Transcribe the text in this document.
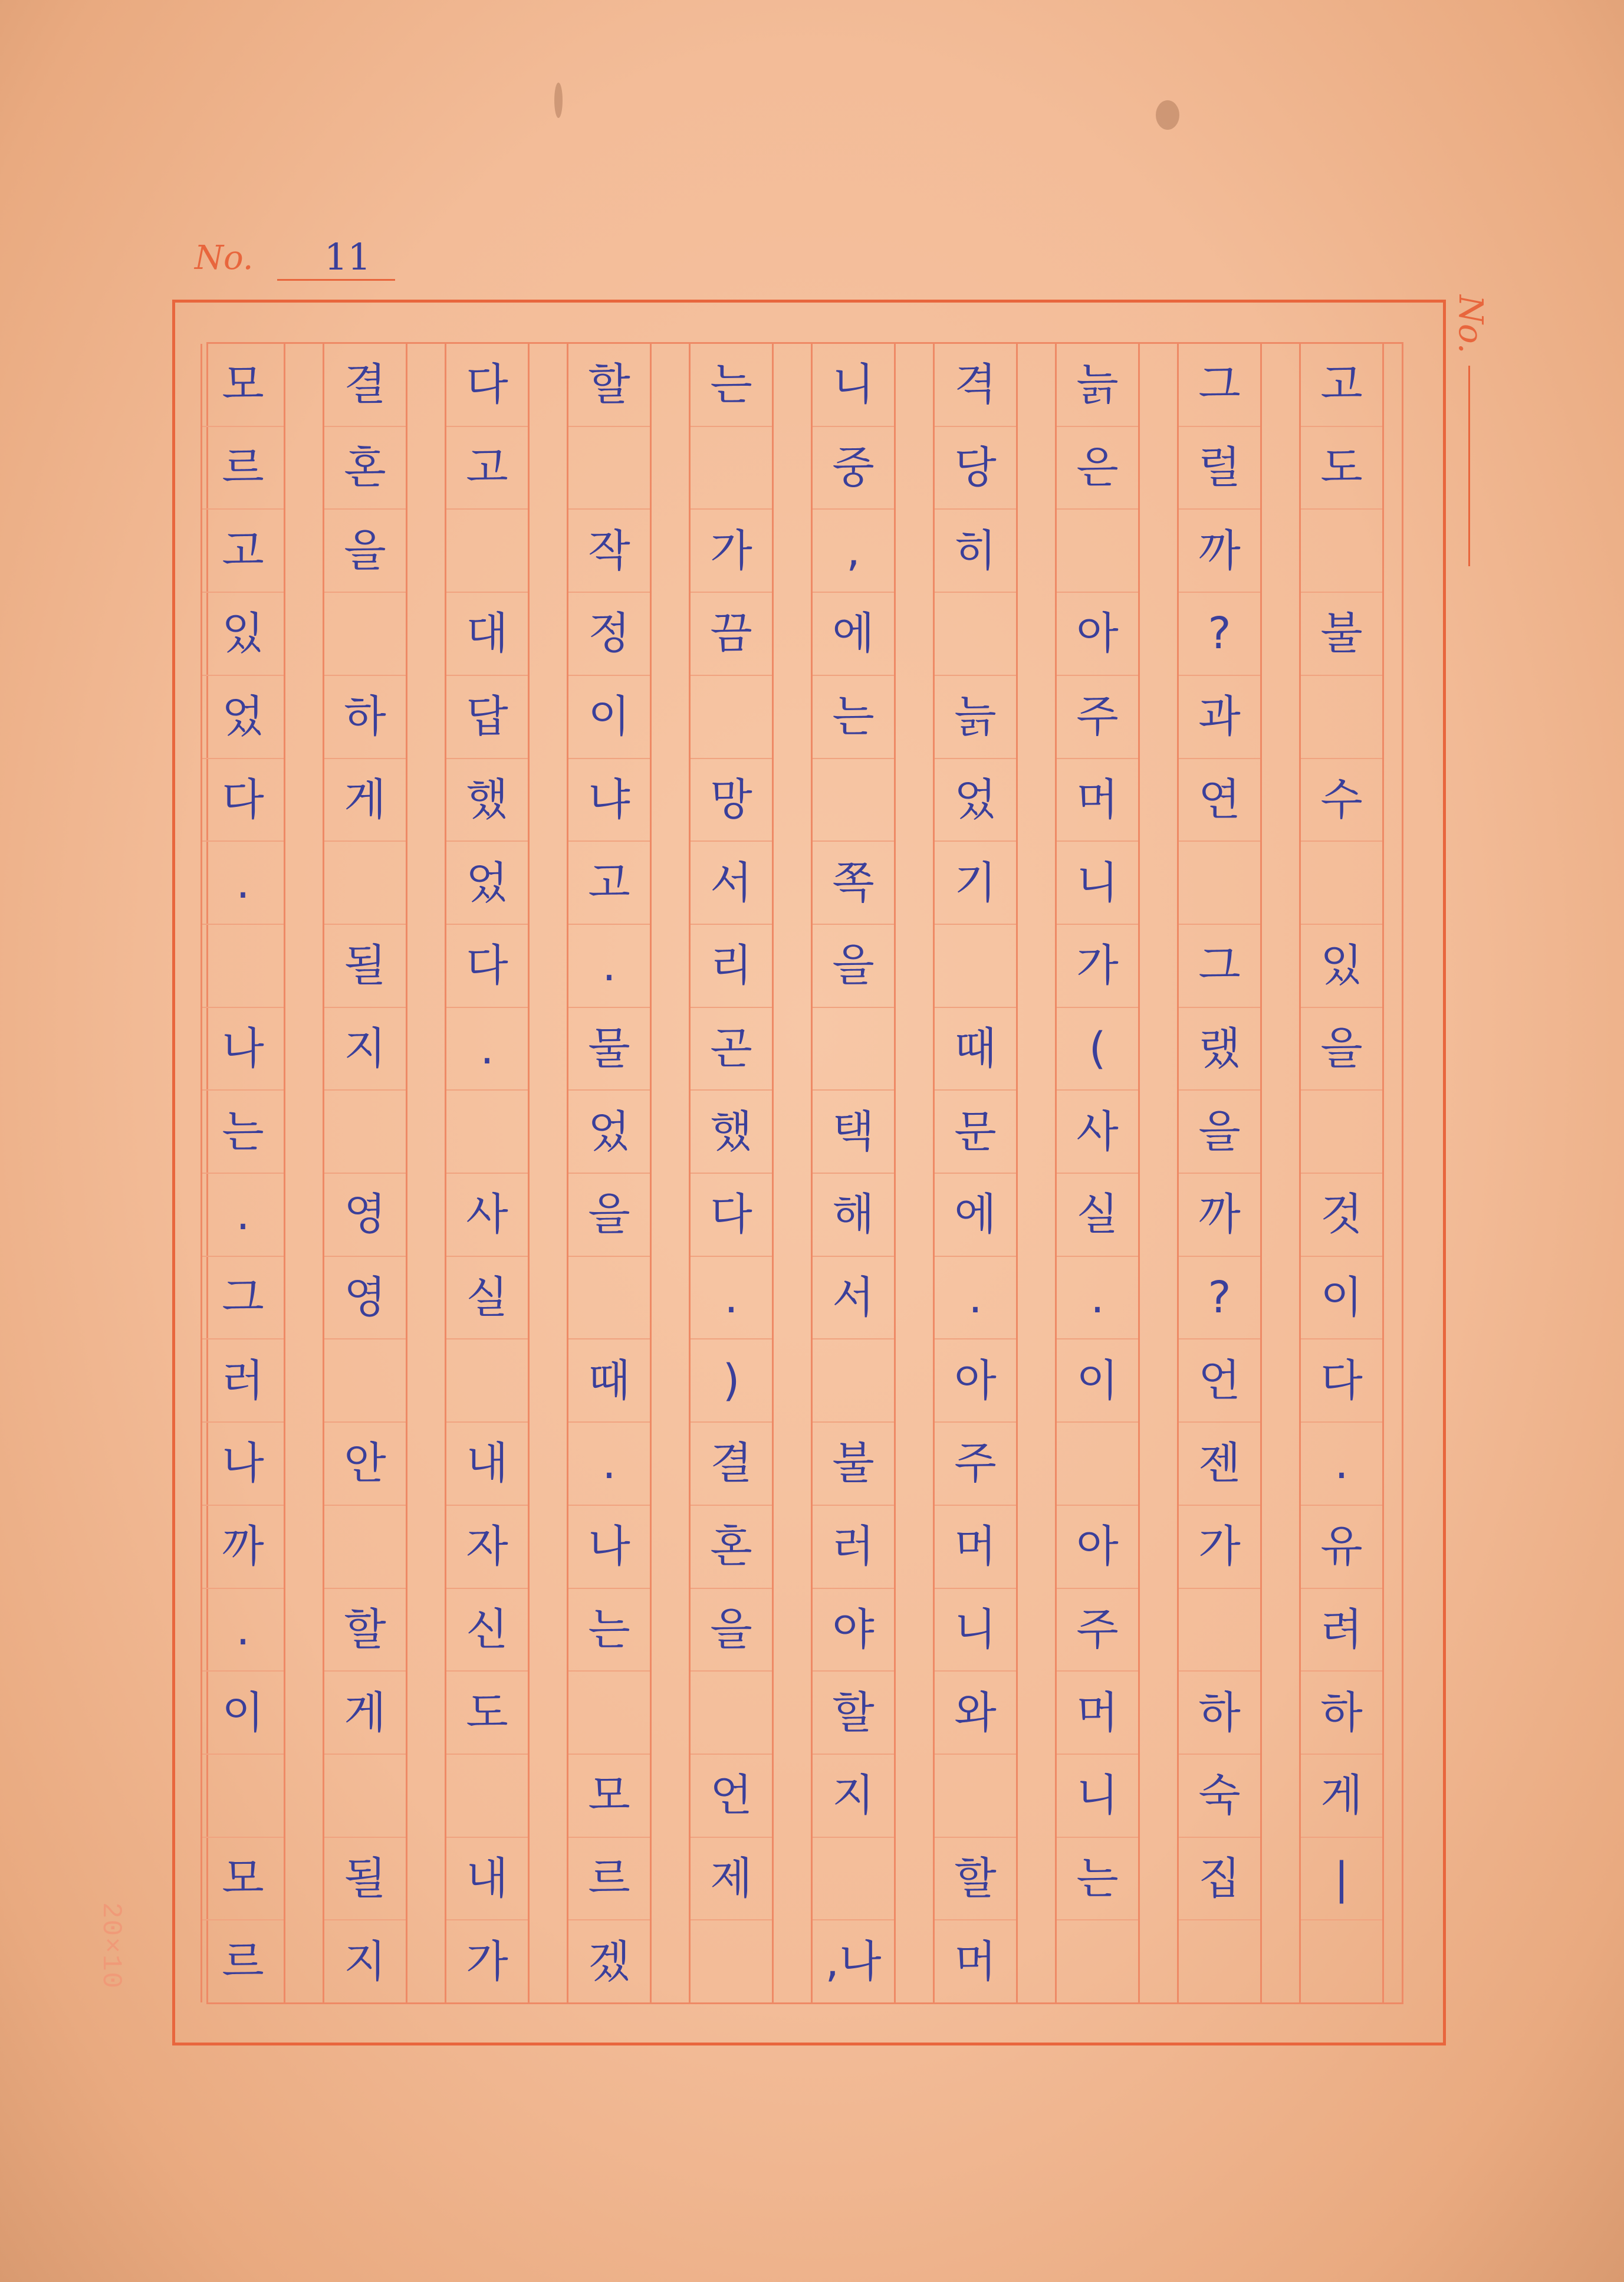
No. 11
No.
고
도
불
수
있
을
것
이
다
.
유
려
하
게
|
그
럴
까
?
과
연
그
랬
을
까
?
언
젠
가
하
숙
집
늙
은
아
주
머
니
가
(
사
실
.
이
아
주
머
니
는
격
당
히
늙
었
기
때
문
에
.
아
주
머
니
와
할
머
니
중
,
에
는
쪽
을
택
해
서
불
러
야
할
지
,나
는
가
끔
망
서
리
곤
했
다
.
)
결
혼
을
언
제
할
작
정
이
냐
고
.
물
었
을
때
.
나
는
모
르
겠
다
고
대
답
했
었
다
.
사
실
내
자
신
도
내
가
결
혼
을
하
게
될
지
영
영
안
할
게
될
지
모
르
고
있
었
다
.
나
는
.
그
러
나
까
.
이
모
르
20×10
